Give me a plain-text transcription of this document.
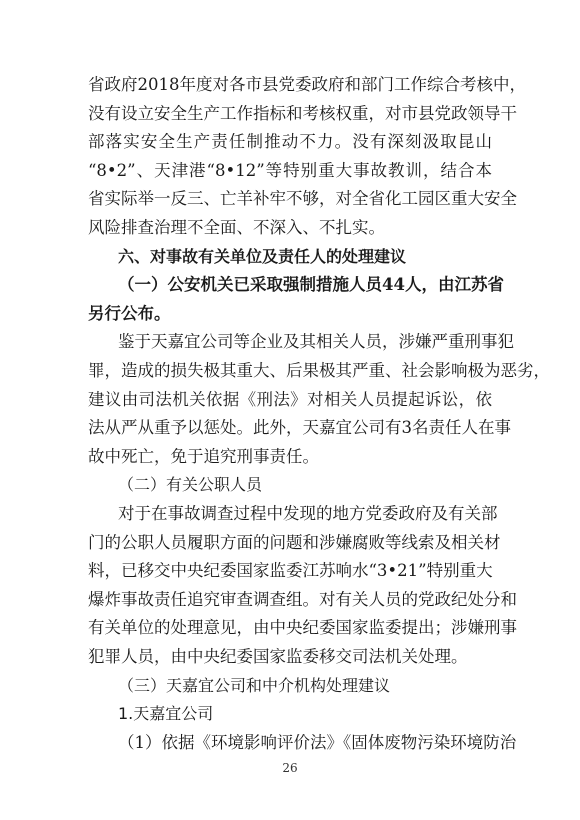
省政府2018年度对各市县党委政府和部门工作综合考核中，
没有设立安全生产工作指标和考核权重，对市县党政领导干
部落实安全生产责任制推动不力。没有深刻汲取昆山
“8•2”、天津港“8•12”等特别重大事故教训，结合本
省实际举一反三、亡羊补牢不够，对全省化工园区重大安全
风险排查治理不全面、不深入、不扎实。
六、对事故有关单位及责任人的处理建议
（一）公安机关已采取强制措施人员44人，由江苏省
另行公布。
鉴于天嘉宜公司等企业及其相关人员，涉嫌严重刑事犯
罪，造成的损失极其重大、后果极其严重、社会影响极为恶劣，
建议由司法机关依据《刑法》对相关人员提起诉讼，依
法从严从重予以惩处。此外，天嘉宜公司有3名责任人在事
故中死亡，免于追究刑事责任。
（二）有关公职人员
对于在事故调查过程中发现的地方党委政府及有关部
门的公职人员履职方面的问题和涉嫌腐败等线索及相关材
料，已移交中央纪委国家监委江苏响水“3•21”特别重大
爆炸事故责任追究审查调查组。对有关人员的党政纪处分和
有关单位的处理意见，由中央纪委国家监委提出；涉嫌刑事
犯罪人员，由中央纪委国家监委移交司法机关处理。
（三）天嘉宜公司和中介机构处理建议
1.天嘉宜公司
（1）依据《环境影响评价法》《固体废物污染环境防治
26
